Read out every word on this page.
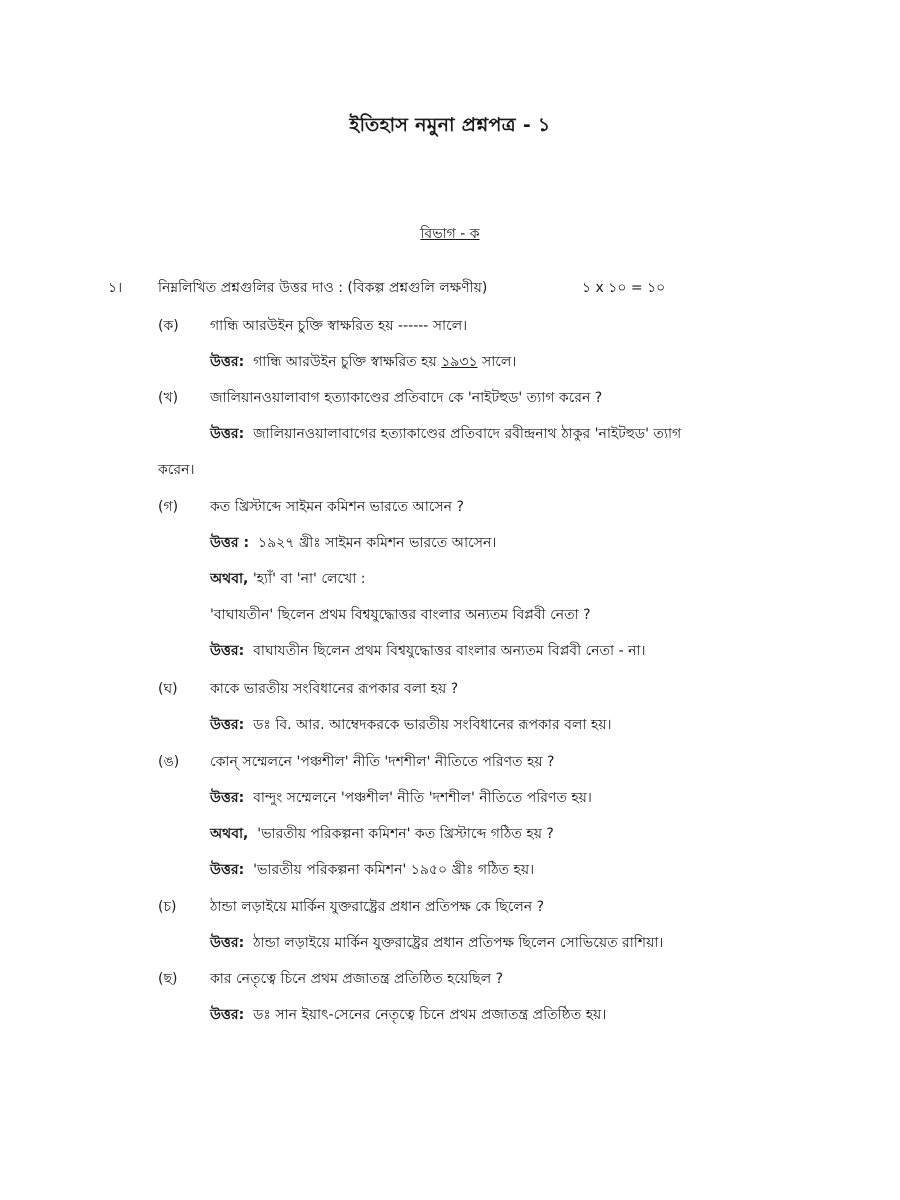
ইতিহাস নমুনা প্রশ্নপত্র - ১
বিভাগ - ক
১।	নিম্নলিখিত প্রশ্নগুলির উত্তর দাও : (বিকল্প প্রশ্নগুলি লক্ষণীয়)	১ x ১০ = ১০
(ক) গান্ধি আরউইন চুক্তি স্বাক্ষরিত হয় ------ সালে।
উত্তর: গান্ধি আরউইন চুক্তি স্বাক্ষরিত হয় ১৯৩১ সালে।
(খ) জালিয়ানওয়ালাবাগ হত্যাকাণ্ডের প্রতিবাদে কে 'নাইটহুড' ত্যাগ করেন ?
উত্তর: জালিয়ানওয়ালাবাগের হত্যাকাণ্ডের প্রতিবাদে রবীন্দ্রনাথ ঠাকুর 'নাইটহুড' ত্যাগ
করেন।
(গ) কত খ্রিস্টাব্দে সাইমন কমিশন ভারতে আসেন ?
উত্তর : ১৯২৭ খ্রীঃ সাইমন কমিশন ভারতে আসেন।
অথবা, 'হ্যাঁ' বা 'না' লেখো :
'বাঘাযতীন' ছিলেন প্রথম বিশ্বযুদ্ধোত্তর বাংলার অন্যতম বিপ্লবী নেতা ?
উত্তর: বাঘাযতীন ছিলেন প্রথম বিশ্বযুদ্ধোত্তর বাংলার অন্যতম বিপ্লবী নেতা - না।
(ঘ) কাকে ভারতীয় সংবিধানের রূপকার বলা হয় ?
উত্তর: ডঃ বি. আর. আম্বেদকরকে ভারতীয় সংবিধানের রূপকার বলা হয়।
(ঙ) কোন্ সম্মেলনে 'পঞ্চশীল' নীতি 'দশশীল' নীতিতে পরিণত হয় ?
উত্তর: বান্দুং সম্মেলনে 'পঞ্চশীল' নীতি 'দশশীল' নীতিতে পরিণত হয়।
অথবা, 'ভারতীয় পরিকল্পনা কমিশন' কত খ্রিস্টাব্দে গঠিত হয় ?
উত্তর: 'ভারতীয় পরিকল্পনা কমিশন' ১৯৫০ খ্রীঃ গঠিত হয়।
(চ) ঠান্ডা লড়াইয়ে মার্কিন যুক্তরাষ্ট্রের প্রধান প্রতিপক্ষ কে ছিলেন ?
উত্তর: ঠান্ডা লড়াইয়ে মার্কিন যুক্তরাষ্ট্রের প্রধান প্রতিপক্ষ ছিলেন সোভিয়েত রাশিয়া।
(ছ) কার নেতৃত্বে চিনে প্রথম প্রজাতন্ত্র প্রতিষ্ঠিত হয়েছিল ?
উত্তর: ডঃ সান ইয়াৎ-সেনের নেতৃত্বে চিনে প্রথম প্রজাতন্ত্র প্রতিষ্ঠিত হয়।
